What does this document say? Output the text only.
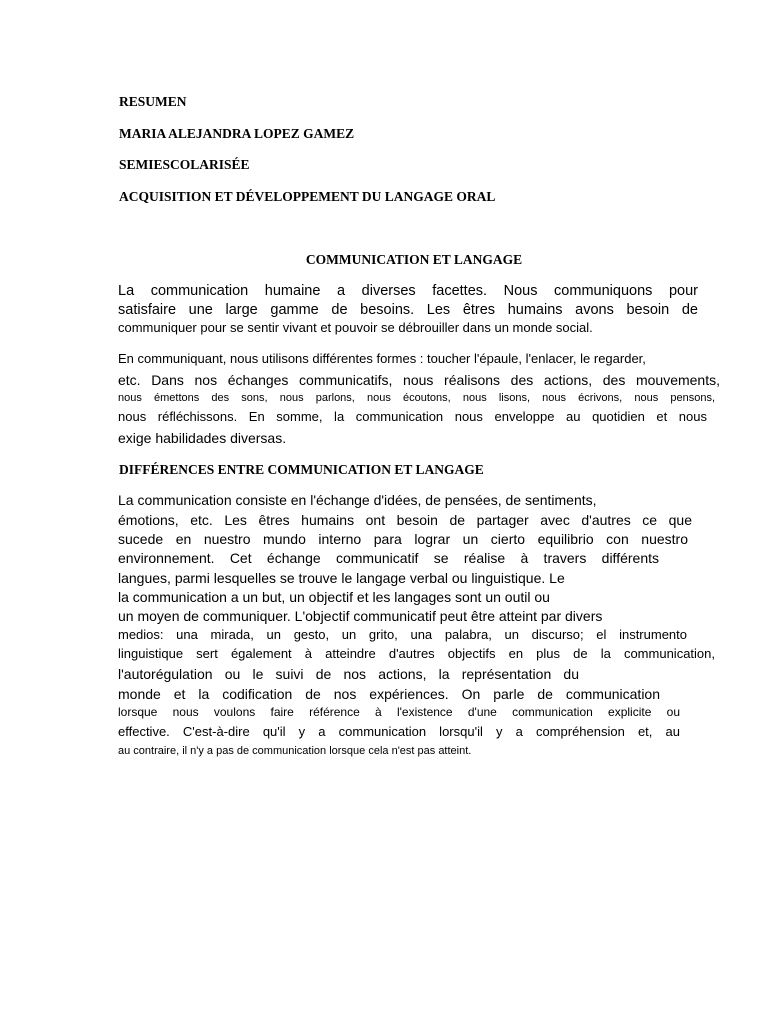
RESUMEN
MARIA ALEJANDRA LOPEZ GAMEZ
SEMIESCOLARISÉE
ACQUISITION ET DÉVELOPPEMENT DU LANGAGE ORAL
COMMUNICATION ET LANGAGE
La communication humaine a diverses facettes. Nous communiquons pour
satisfaire une large gamme de besoins. Les êtres humains avons besoin de
communiquer pour se sentir vivant et pouvoir se débrouiller dans un monde social.
En communiquant, nous utilisons différentes formes : toucher l'épaule, l'enlacer, le regarder,
etc. Dans nos échanges communicatifs, nous réalisons des actions, des mouvements,
nous émettons des sons, nous parlons, nous écoutons, nous lisons, nous écrivons, nous pensons,
nous réfléchissons. En somme, la communication nous enveloppe au quotidien et nous
exige habilidades diversas.
DIFFÉRENCES ENTRE COMMUNICATION ET LANGAGE
La communication consiste en l'échange d'idées, de pensées, de sentiments,
émotions, etc. Les êtres humains ont besoin de partager avec d'autres ce que
sucede en nuestro mundo interno para lograr un cierto equilibrio con nuestro
environnement. Cet échange communicatif se réalise à travers différents
langues, parmi lesquelles se trouve le langage verbal ou linguistique. Le
la communication a un but, un objectif et les langages sont un outil ou
un moyen de communiquer. L'objectif communicatif peut être atteint par divers
medios: una mirada, un gesto, un grito, una palabra, un discurso; el instrumento
linguistique sert également à atteindre d'autres objectifs en plus de la communication,
l'autorégulation ou le suivi de nos actions, la représentation du
monde et la codification de nos expériences. On parle de communication
lorsque nous voulons faire référence à l'existence d'une communication explicite ou
effective. C'est-à-dire qu'il y a communication lorsqu'il y a compréhension et, au
au contraire, il n'y a pas de communication lorsque cela n'est pas atteint.
